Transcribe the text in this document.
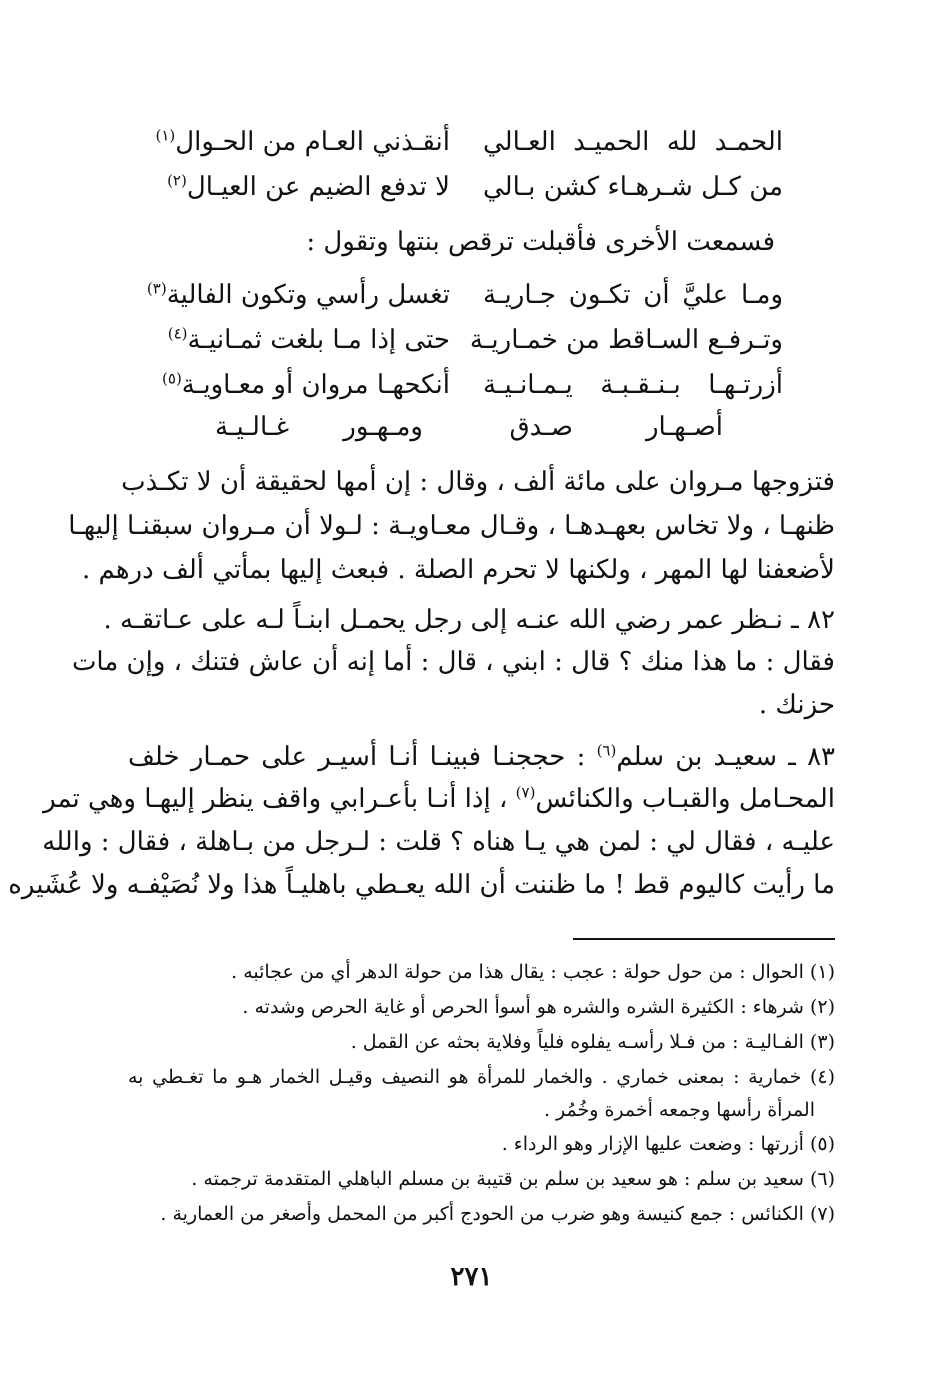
الحمـد لله الحميـد العـالي
أنقـذني العـام من الحـوال$^{(١)}$
من كـل شـرهـاء كشن بـالي
لا تدفع الضيم عن العيـال$^{(٢)}$
فسمعت الأخرى فأقبلت ترقص بنتها وتقول :
ومـا عليَّ أن تكـون جـاريـة
تغسل رأسي وتكون الفالية$^{(٣)}$
وتـرفـع السـاقط من خمـاريـة
حتى إذا مـا بلغت ثمـانيـة$^{(٤)}$
أزرتـهـا بـنـقـبـة يـمـانـيـة
أنكحهـا مروان أو معـاويـة$^{(٥)}$
أصـهـار
صـدق
ومـهـور
غـالـيـة
فتزوجها مـروان على مائة ألف ، وقال : إن أمها لحقيقة أن لا تكـذب
ظنهـا ، ولا تخاس بعهـدهـا ، وقـال معـاويـة : لـولا أن مـروان سبقنـا إليهـا
لأضعفنا لها المهر ، ولكنها لا تحرم الصلة . فبعث إليها بمأتي ألف درهم .
٨٢ ـ نـظر عمر رضي الله عنـه إلى رجل يحمـل ابنـاً لـه على عـاتقـه .
فقال : ما هذا منك ؟ قال : ابني ، قال : أما إنه أن عاش فتنك ، وإن مات
حزنك .
٨٣ ـ سعيـد بن سلم$^{(٦)}$ : حججنـا فبينـا أنـا أسيـر على حمـار خلف
المحـامل والقبـاب والكنائس$^{(٧)}$ ، إذا أنـا بأعـرابي واقف ينظر إليهـا وهي تمر
عليـه ، فقال لي : لمن هي يـا هناه ؟ قلت : لـرجل من بـاهلة ، فقال : والله
ما رأيت كاليوم قط ! ما ظننت أن الله يعـطي باهليـاً هذا ولا نُصَيْفـه ولا عُشَيره
(١) الحوال : من حول حولة : عجب : يقال هذا من حولة الدهر أي من عجائبه .
(٢) شرهاء : الكثيرة الشره والشره هو أسوأ الحرص أو غاية الحرص وشدته .
(٣) الفـاليـة : من فـلا رأسـه يفلوه فلياً وفلاية بحثه عن القمل .
(٤) خمارية : بمعنى خماري . والخمار للمرأة هو النصيف وقيـل الخمار هـو ما تغـطي به
المرأة رأسها وجمعه أخمرة وخُمُر .
(٥) أزرتها : وضعت عليها الإزار وهو الرداء .
(٦) سعيد بن سلم : هو سعيد بن سلم بن قتيبة بن مسلم الباهلي المتقدمة ترجمته .
(٧) الكنائس : جمع كنيسة وهو ضرب من الحودج أكبر من المحمل وأصغر من العمارية .
٢٧١
